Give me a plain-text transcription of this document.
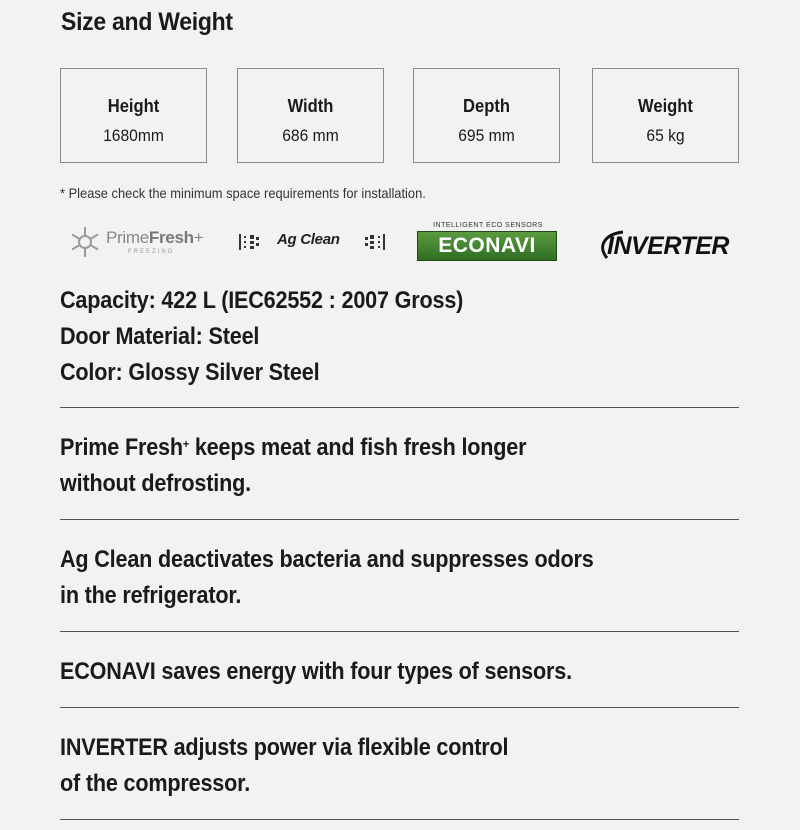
Size and Weight
Height
1680mm
Width
686 mm
Depth
695 mm
Weight
65 kg
* Please check the minimum space requirements for installation.
PrimeFresh+
FREEZING
Ag Clean
INTELLIGENT ECO SENSORS
ECONAVI	INVERTER
Capacity: 422 L (IEC62552 : 2007 Gross)
Door Material: Steel
Color: Glossy Silver Steel
Prime Fresh+ keeps meat and fish fresh longer
without defrosting.
Ag Clean deactivates bacteria and suppresses odors
in the refrigerator.
ECONAVI saves energy with four types of sensors.
INVERTER adjusts power via flexible control
of the compressor.
